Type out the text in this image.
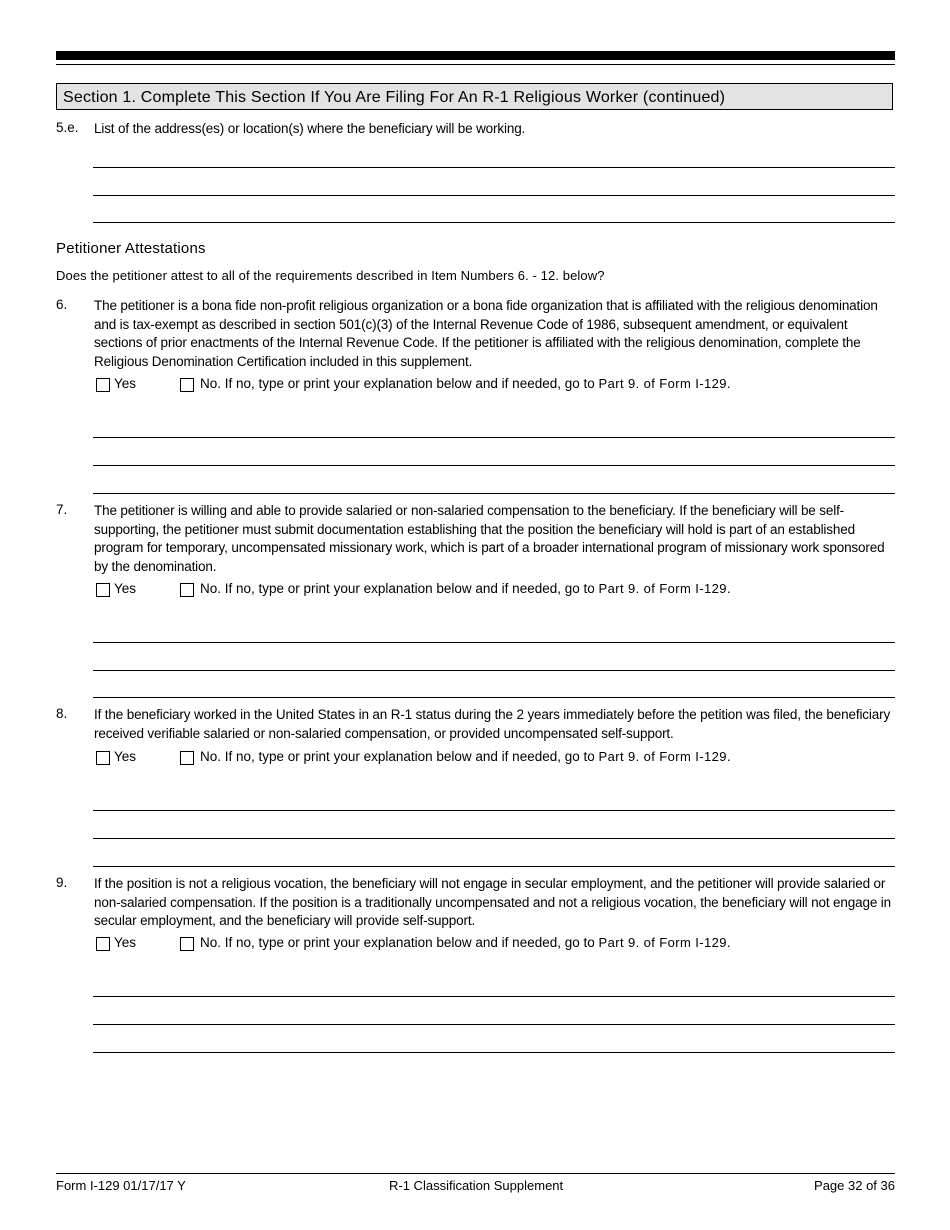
Section 1. Complete This Section If You Are Filing For An R-1 Religious Worker (continued)
5.e. List of the address(es) or location(s) where the beneficiary will be working.
Petitioner Attestations
Does the petitioner attest to all of the requirements described in Item Numbers 6. - 12. below?
6. The petitioner is a bona fide non-profit religious organization or a bona fide organization that is affiliated with the religious denomination and is tax-exempt as described in section 501(c)(3) of the Internal Revenue Code of 1986, subsequent amendment, or equivalent sections of prior enactments of the Internal Revenue Code. If the petitioner is affiliated with the religious denomination, complete the Religious Denomination Certification included in this supplement.
Yes	No. If no, type or print your explanation below and if needed, go to Part 9. of Form I-129.
7. The petitioner is willing and able to provide salaried or non-salaried compensation to the beneficiary. If the beneficiary will be self-supporting, the petitioner must submit documentation establishing that the position the beneficiary will hold is part of an established program for temporary, uncompensated missionary work, which is part of a broader international program of missionary work sponsored by the denomination.
Yes	No. If no, type or print your explanation below and if needed, go to Part 9. of Form I-129.
8. If the beneficiary worked in the United States in an R-1 status during the 2 years immediately before the petition was filed, the beneficiary received verifiable salaried or non-salaried compensation, or provided uncompensated self-support.
Yes	No. If no, type or print your explanation below and if needed, go to Part 9. of Form I-129.
9. If the position is not a religious vocation, the beneficiary will not engage in secular employment, and the petitioner will provide salaried or non-salaried compensation. If the position is a traditionally uncompensated and not a religious vocation, the beneficiary will not engage in secular employment, and the beneficiary will provide self-support.
Yes	No. If no, type or print your explanation below and if needed, go to Part 9. of Form I-129.
Form I-129 01/17/17 Y	R-1 Classification Supplement	Page 32 of 36
